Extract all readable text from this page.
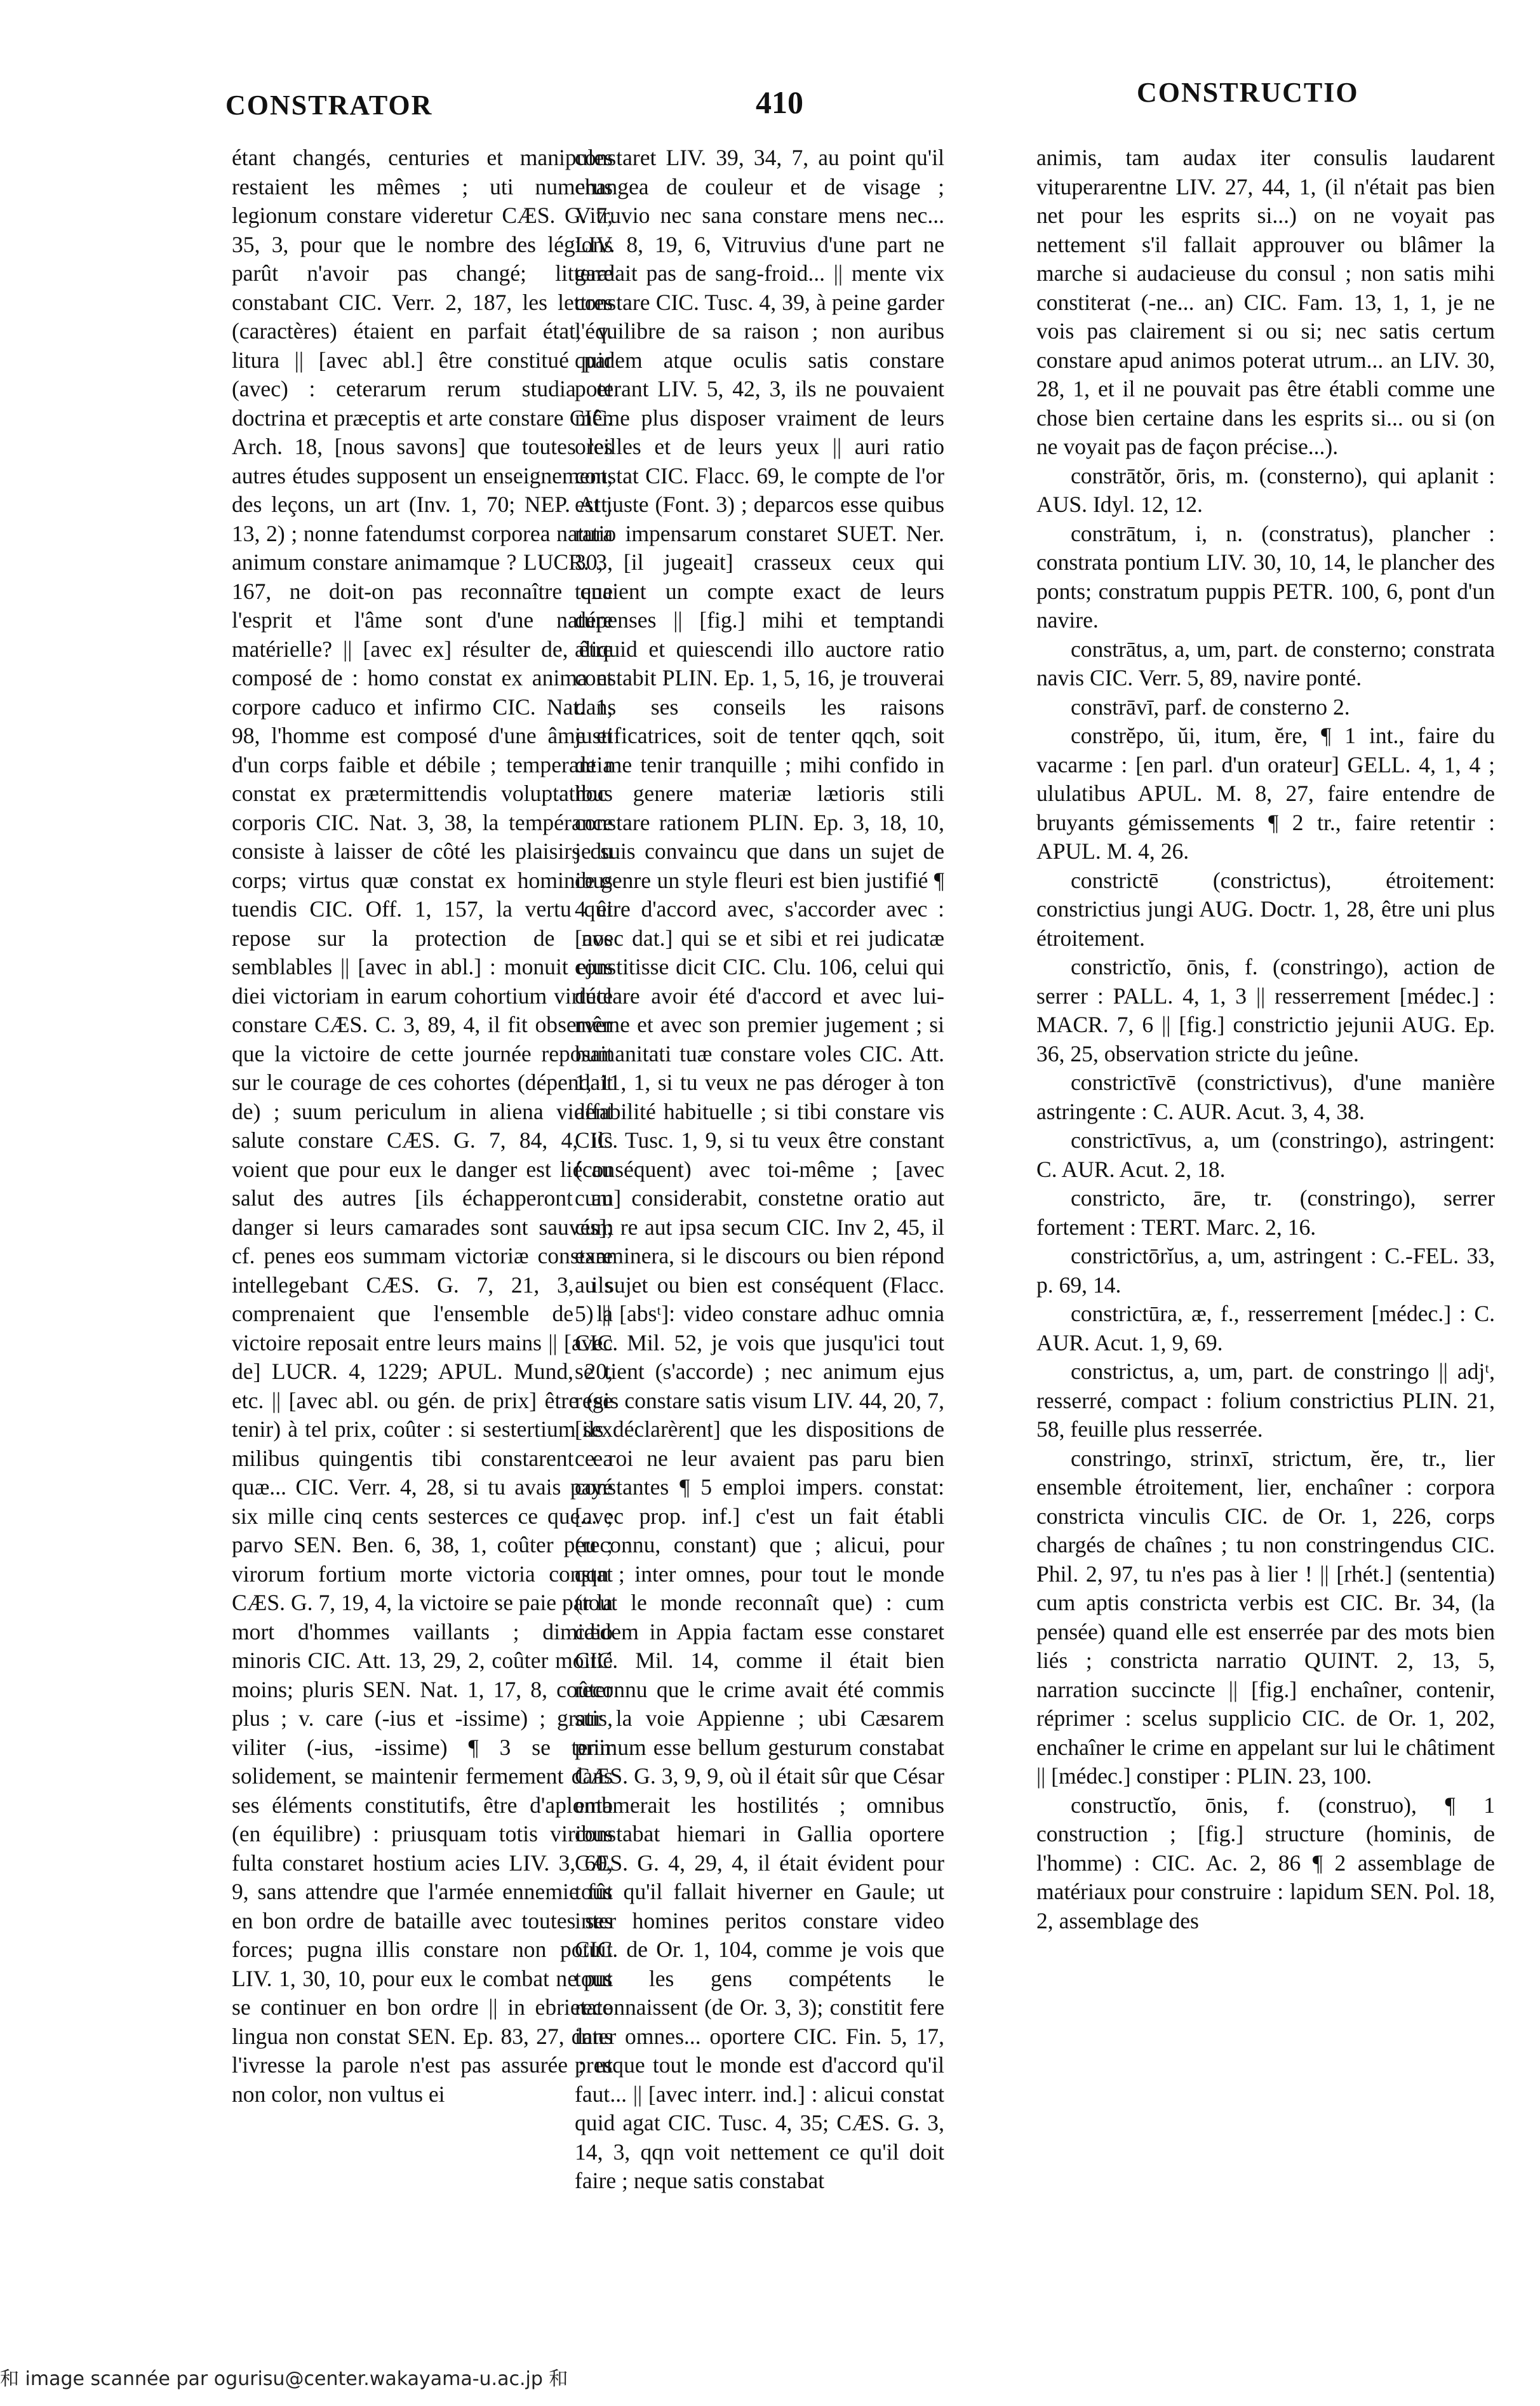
CONSTRATOR	410	CONSTRUCTIO

étant changés, centuries et manipules restaient les mêmes ; uti numerus legionum constare videretur CÆS. G. 7, 35, 3, pour que le nombre des légions parût n'avoir pas changé; litteræ constabant CIC. Verr. 2, 187, les lettres (caractères) étaient en parfait état, v. litura || [avec abl.] être constitué par (avec) : ceterarum rerum studia et doctrina et præceptis et arte constare CIC. Arch. 18, [nous savons] que toutes les autres études supposent un enseignement, des leçons, un art (Inv. 1, 70; NEP. Att. 13, 2) ; nonne fatendumst corporea natura animum constare animamque ? LUCR. 3, 167, ne doit-on pas reconnaître que l'esprit et l'âme sont d'une nature matérielle? || [avec ex] résulter de, être composé de : homo constat ex anima et corpore caduco et infirmo CIC. Nat. 1, 98, l'homme est composé d'une âme et d'un corps faible et débile ; temperantia constat ex prætermittendis voluptatibus corporis CIC. Nat. 3, 38, la tempérance consiste à laisser de côté les plaisirs du corps; virtus quæ constat ex hominibus tuendis CIC. Off. 1, 157, la vertu qui repose sur la protection de nos semblables || [avec in abl.] : monuit ejus diei victoriam in earum cohortium virtute constare CÆS. C. 3, 89, 4, il fit observer que la victoire de cette journée reposait sur le courage de ces cohortes (dépendait de) ; suum periculum in aliena vident salute constare CÆS. G. 7, 84, 4, ils voient que pour eux le danger est lié au salut des autres [ils échapperont au danger si leurs camarades sont sauvés]; cf. penes eos summam victoriæ constare intellegebant CÆS. G. 7, 21, 3, ils comprenaient que l'ensemble de la victoire reposait entre leurs mains || [avec de] LUCR. 4, 1229; APUL. Mund, 20, etc. || [avec abl. ou gén. de prix] être (se tenir) à tel prix, coûter : si sestertium sex milibus quingentis tibi constarent ea quæ... CIC. Verr. 4, 28, si tu avais payé six mille cinq cents sesterces ce que... ; parvo SEN. Ben. 6, 38, 1, coûter peu ; virorum fortium morte victoria constat CÆS. G. 7, 19, 4, la victoire se paie par la mort d'hommes vaillants ; dimidio minoris CIC. Att. 13, 29, 2, coûter moitié moins; pluris SEN. Nat. 1, 17, 8, coûter plus ; v. care (-ius et -issime) ; gratis, viliter (-ius, -issime) ¶ 3 se tenir solidement, se maintenir fermement dans ses éléments constitutifs, être d'aplomb (en équilibre) : priusquam totis viribus fulta constaret hostium acies LIV. 3, 60, 9, sans attendre que l'armée ennemie fût en bon ordre de bataille avec toutes ses forces; pugna illis constare non potuit LIV. 1, 30, 10, pour eux le combat ne put se continuer en bon ordre || in ebrietate lingua non constat SEN. Ep. 83, 27, dans l'ivresse la parole n'est pas assurée ; ut non color, non vultus ei

constaret LIV. 39, 34, 7, au point qu'il changea de couleur et de visage ; Vitruvio nec sana constare mens nec... LIV. 8, 19, 6, Vitruvius d'une part ne gardait pas de sang-froid... || mente vix constare CIC. Tusc. 4, 39, à peine garder l'équilibre de sa raison ; non auribus quidem atque oculis satis constare poterant LIV. 5, 42, 3, ils ne pouvaient même plus disposer vraiment de leurs oreilles et de leurs yeux || auri ratio constat CIC. Flacc. 69, le compte de l'or est juste (Font. 3) ; deparcos esse quibus ratio impensarum constaret SUET. Ner. 30, [il jugeait] crasseux ceux qui tenaient un compte exact de leurs dépenses || [fig.] mihi et temptandi aliquid et quiescendi illo auctore ratio constabit PLIN. Ep. 1, 5, 16, je trouverai dans ses conseils les raisons justificatrices, soit de tenter qqch, soit de me tenir tranquille ; mihi confido in hoc genere materiæ lætioris stili constare rationem PLIN. Ep. 3, 18, 10, je suis convaincu que dans un sujet de ce genre un style fleuri est bien justifié ¶ 4 être d'accord avec, s'accorder avec : [avec dat.] qui se et sibi et rei judicatæ constitisse dicit CIC. Clu. 106, celui qui déclare avoir été d'accord et avec lui-même et avec son premier jugement ; si humanitati tuæ constare voles CIC. Att. 1, 11, 1, si tu veux ne pas déroger à ton affabilité habituelle ; si tibi constare vis CIC. Tusc. 1, 9, si tu veux être constant (conséquent) avec toi-même ; [avec cum] considerabit, constetne oratio aut cum re aut ipsa secum CIC. Inv 2, 45, il examinera, si le discours ou bien répond au sujet ou bien est conséquent (Flacc. 5) || [absᵗ]: video constare adhuc omnia CIC. Mil. 52, je vois que jusqu'ici tout se tient (s'accorde) ; nec animum ejus regis constare satis visum LIV. 44, 20, 7, [ils déclarèrent] que les dispositions de ce roi ne leur avaient pas paru bien constantes ¶ 5 emploi impers. constat: [avec prop. inf.] c'est un fait établi (reconnu, constant) que ; alicui, pour qqn ; inter omnes, pour tout le monde (tout le monde reconnaît que) : cum cædem in Appia factam esse constaret CIC. Mil. 14, comme il était bien reconnu que le crime avait été commis sur la voie Appienne ; ubi Cæsarem primum esse bellum gesturum constabat CÆS. G. 3, 9, 9, où il était sûr que César entamerait les hostilités ; omnibus constabat hiemari in Gallia oportere CÆS. G. 4, 29, 4, il était évident pour tous qu'il fallait hiverner en Gaule; ut inter homines peritos constare video CIC. de Or. 1, 104, comme je vois que tous les gens compétents le reconnaissent (de Or. 3, 3); constitit fere inter omnes... oportere CIC. Fin. 5, 17, presque tout le monde est d'accord qu'il faut... || [avec interr. ind.] : alicui constat quid agat CIC. Tusc. 4, 35; CÆS. G. 3, 14, 3, qqn voit nettement ce qu'il doit faire ; neque satis constabat

animis, tam audax iter consulis laudarent vituperarentne LIV. 27, 44, 1, (il n'était pas bien net pour les esprits si...) on ne voyait pas nettement s'il fallait approuver ou blâmer la marche si audacieuse du consul ; non satis mihi constiterat (-ne... an) CIC. Fam. 13, 1, 1, je ne vois pas clairement si ou si; nec satis certum constare apud animos poterat utrum... an LIV. 30, 28, 1, et il ne pouvait pas être établi comme une chose bien certaine dans les esprits si... ou si (on ne voyait pas de façon précise...).

constrātŏr, ōris, m. (consterno), qui aplanit : AUS. Idyl. 12, 12.

constrātum, i, n. (constratus), plancher : constrata pontium LIV. 30, 10, 14, le plancher des ponts; constratum puppis PETR. 100, 6, pont d'un navire.

constrātus, a, um, part. de consterno; constrata navis CIC. Verr. 5, 89, navire ponté.

constrāvī, parf. de consterno 2.

constrĕpo, ŭi, itum, ĕre, ¶ 1 int., faire du vacarme : [en parl. d'un orateur] GELL. 4, 1, 4 ; ululatibus APUL. M. 8, 27, faire entendre de bruyants gémissements ¶ 2 tr., faire retentir : APUL. M. 4, 26.

constrictē (constrictus), étroitement: constrictius jungi AUG. Doctr. 1, 28, être uni plus étroitement.

constrictĭo, ōnis, f. (constringo), action de serrer : PALL. 4, 1, 3 || resserrement [médec.] : MACR. 7, 6 || [fig.] constrictio jejunii AUG. Ep. 36, 25, observation stricte du jeûne.

constrictīvē (constrictivus), d'une manière astringente : C. AUR. Acut. 3, 4, 38.

constrictīvus, a, um (constringo), astringent: C. AUR. Acut. 2, 18.

constricto, āre, tr. (constringo), serrer fortement : TERT. Marc. 2, 16.

constrictōrĭus, a, um, astringent : C.-FEL. 33, p. 69, 14.

constrictūra, æ, f., resserrement [médec.] : C. AUR. Acut. 1, 9, 69.

constrictus, a, um, part. de constringo || adjᵗ, resserré, compact : folium constrictius PLIN. 21, 58, feuille plus resserrée.

constringo, strinxī, strictum, ĕre, tr., lier ensemble étroitement, lier, enchaîner : corpora constricta vinculis CIC. de Or. 1, 226, corps chargés de chaînes ; tu non constringendus CIC. Phil. 2, 97, tu n'es pas à lier ! || [rhét.] (sententia) cum aptis constricta verbis est CIC. Br. 34, (la pensée) quand elle est enserrée par des mots bien liés ; constricta narratio QUINT. 2, 13, 5, narration succincte || [fig.] enchaîner, contenir, réprimer : scelus supplicio CIC. de Or. 1, 202, enchaîner le crime en appelant sur lui le châtiment || [médec.] constiper : PLIN. 23, 100.

constructĭo, ōnis, f. (construo), ¶ 1 construction ; [fig.] structure (hominis, de l'homme) : CIC. Ac. 2, 86 ¶ 2 assemblage de matériaux pour construire : lapidum SEN. Pol. 18, 2, assemblage des

和 image scannée par ogurisu@center.wakayama-u.ac.jp 和
